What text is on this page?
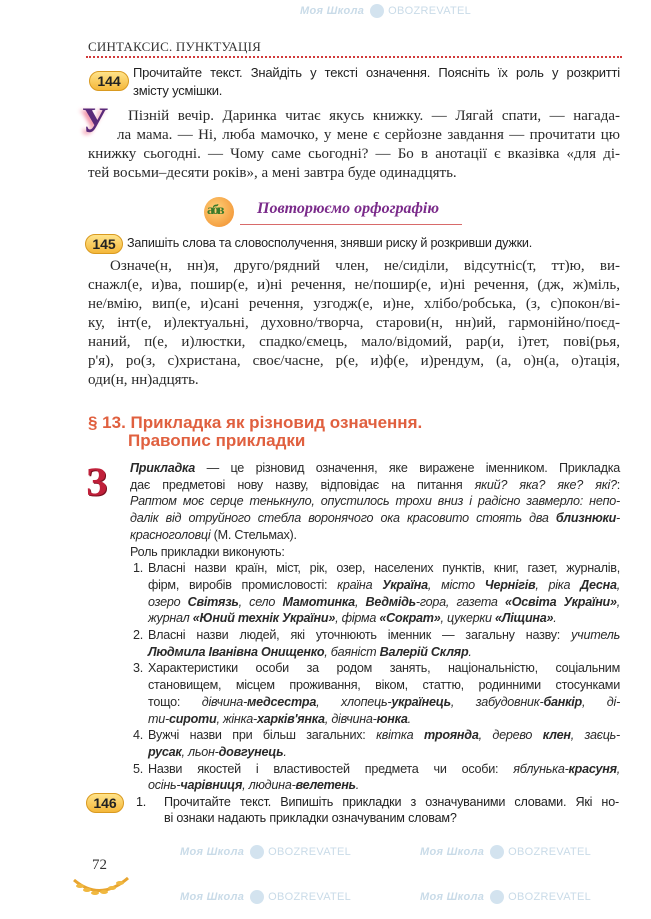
Моя Школа OBOZREVATEL
Моя Школа OBOZREVATEL	Моя Школа OBOZREVATEL
Моя Школа OBOZREVATEL	Моя Школа OBOZREVATEL
СИНТАКСИС. ПУНКТУАЦІЯ
144
Прочитайте текст. Знайдіть у тексті означення. Поясніть їх роль у розкритті
змісту усмішки.
У	Пізній вечір. Даринка читає якусь книжку. — Лягай спати, — нагада-
ла мама. — Ні, люба мамочко, у мене є серйозне завдання — прочитати цю
книжку сьогодні. — Чому саме сьогодні? — Бо в анотації є вказівка «для ді-
тей восьми–десяти років», а мені завтра буде одинадцять.
абв Повторюємо орфографію
145 Запишіть слова та словосполучення, знявши риску й розкривши дужки.
Означе(н, нн)я, друго/рядний член, не/сиділи, відсутніс(т, тт)ю, ви-
снажл(е, и)ва, пошир(е, и)ні речення, не/пошир(е, и)ні речення, (дж, ж)міль,
не/вмію, вип(е, и)сані речення, узгодж(е, и)не, хлібо/робська, (з, с)покон/ві-
ку, інт(е, и)лектуальні, духовно/творча, старови(н, нн)ий, гармонійно/поєд-
наний, п(е, и)люстки, спадко/ємець, мало/відомий, рар(и, і)тет, пові(рья,
р'я), ро(з, с)христана, своє/часне, р(е, и)ф(е, и)рендум, (а, о)н(а, о)тація,
оди(н, нн)адцять.
§ 13. Прикладка як різновид означення.
Правопис прикладки
З	Прикладка — це різновид означення, яке виражене іменником. Прикладка
дає предметові нову назву, відповідає на питання який? яка? яке? які?:
Раптом моє серце тенькнуло, опустилось трохи вниз і радісно завмерло: непо-
далік від отруйного стебла воронячого ока красовито стоять два близнюки-
красноголовці (М. Стельмах).
Роль прикладки виконують:
1. Власні назви країн, міст, рік, озер, населених пунктів, книг, газет, журналів,
фірм, виробів промисловості: країна Україна, місто Чернігів, ріка Десна,
озеро Світязь, село Мамотинка, Ведмідь-гора, газета «Освіта України»,
журнал «Юний технік України», фірма «Сократ», цукерки «Ліщина».
2. Власні назви людей, які уточнюють іменник — загальну назву: учитель
Людмила Іванівна Онищенко, баяніст Валерій Скляр.
3. Характеристики особи за родом занять, національністю, соціальним
становищем, місцем проживання, віком, статтю, родинними стосунками
тощо: дівчина-медсестра, хлопець-українець, забудовник-банкір, ді-
ти-сироти, жінка-харків'янка, дівчина-юнка.
4. Вужчі назви при більш загальних: квітка троянда, дерево клен, заєць-
русак, льон-довгунець.
5. Назви якостей і властивостей предмета чи особи: яблунька-красуня,
осінь-чарівниця, людина-велетень.
146	1. Прочитайте текст. Випишіть прикладки з означуваними словами. Які но-
ві ознаки надають прикладки означуваним словам?
72
